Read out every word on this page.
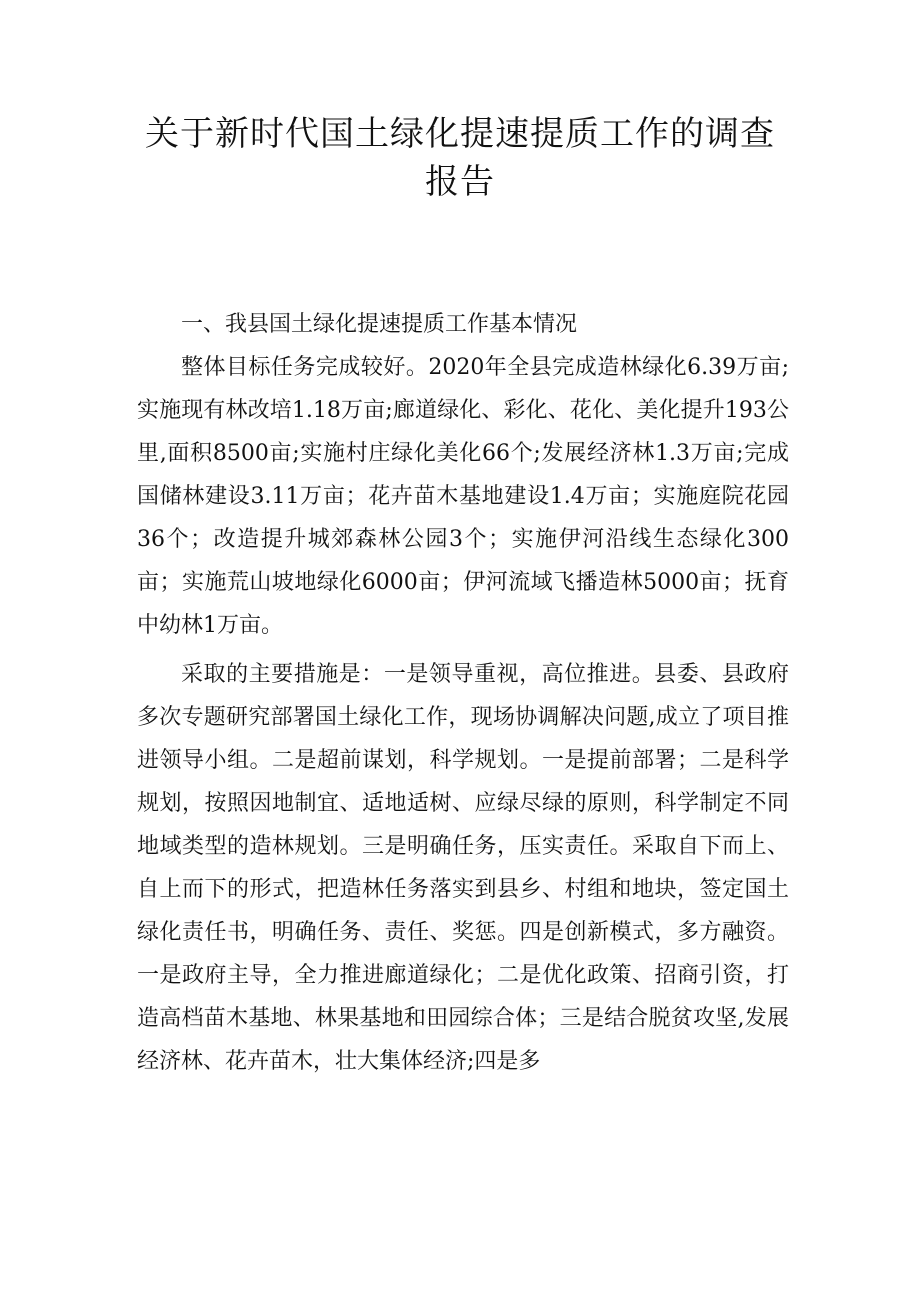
关于新时代国土绿化提速提质工作的调查
报告

一、我县国土绿化提速提质工作基本情况

整体目标任务完成较好。2020年全县完成造林绿化6.39万亩;实施现有林改培1.18万亩;廊道绿化、彩化、花化、美化提升193公里,面积8500亩;实施村庄绿化美化66个;发展经济林1.3万亩;完成国储林建设3.11万亩；花卉苗木基地建设1.4万亩；实施庭院花园36个；改造提升城郊森林公园3个；实施伊河沿线生态绿化300亩；实施荒山坡地绿化6000亩；伊河流域飞播造林5000亩；抚育中幼林1万亩。

采取的主要措施是：一是领导重视，高位推进。县委、县政府多次专题研究部署国土绿化工作，现场协调解决问题,成立了项目推进领导小组。二是超前谋划，科学规划。一是提前部署；二是科学规划，按照因地制宜、适地适树、应绿尽绿的原则，科学制定不同地域类型的造林规划。三是明确任务，压实责任。采取自下而上、自上而下的形式，把造林任务落实到县乡、村组和地块，签定国土绿化责任书，明确任务、责任、奖惩。四是创新模式，多方融资。一是政府主导，全力推进廊道绿化；二是优化政策、招商引资，打造高档苗木基地、林果基地和田园综合体；三是结合脱贫攻坚,发展经济林、花卉苗木，壮大集体经济;四是多
